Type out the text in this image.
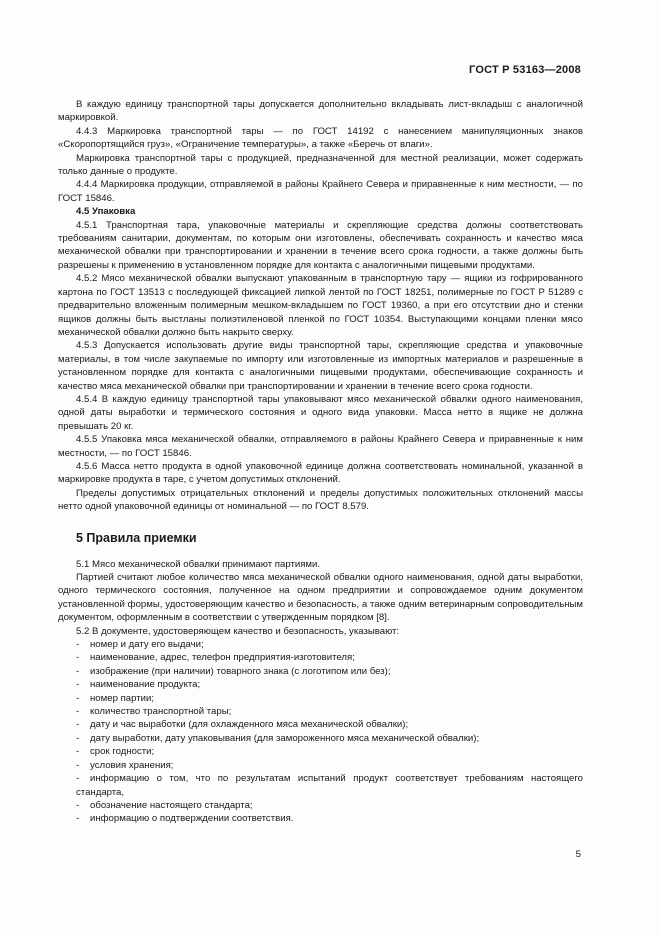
ГОСТ Р 53163—2008

В каждую единицу транспортной тары допускается дополнительно вкладывать лист-вкладыш с аналогичной маркировкой.

4.4.3 Маркировка транспортной тары — по ГОСТ 14192 с нанесением манипуляционных знаков «Скоропортящийся груз», «Ограничение температуры», а также «Беречь от влаги».

Маркировка транспортной тары с продукцией, предназначенной для местной реализации, может содержать только данные о продукте.

4.4.4 Маркировка продукции, отправляемой в районы Крайнего Севера и приравненные к ним местности, — по ГОСТ 15846.

4.5 Упаковка

4.5.1 Транспортная тара, упаковочные материалы и скрепляющие средства должны соответствовать требованиям санитарии, документам, по которым они изготовлены, обеспечивать сохранность и качество мяса механической обвалки при транспортировании и хранении в течение всего срока годности, а также должны быть разрешены к применению в установленном порядке для контакта с аналогичными пищевыми продуктами.

4.5.2 Мясо механической обвалки выпускают упакованным в транспортную тару — ящики из гофрированного картона по ГОСТ 13513 с последующей фиксацией липкой лентой по ГОСТ 18251, полимерные по ГОСТ Р 51289 с предварительно вложенным полимерным мешком-вкладышем по ГОСТ 19360, а при его отсутствии дно и стенки ящиков должны быть выстланы полиэтиленовой пленкой по ГОСТ 10354. Выступающими концами пленки мясо механической обвалки должно быть накрыто сверху.

4.5.3 Допускается использовать другие виды транспортной тары, скрепляющие средства и упаковочные материалы, в том числе закупаемые по импорту или изготовленные из импортных материалов и разрешенные в установленном порядке для контакта с аналогичными пищевыми продуктами, обеспечивающие сохранность и качество мяса механической обвалки при транспортировании и хранении в течение всего срока годности.

4.5.4 В каждую единицу транспортной тары упаковывают мясо механической обвалки одного наименования, одной даты выработки и термического состояния и одного вида упаковки. Масса нетто в ящике не должна превышать 20 кг.

4.5.5 Упаковка мяса механической обвалки, отправляемого в районы Крайнего Севера и приравненные к ним местности, — по ГОСТ 15846.

4.5.6 Масса нетто продукта в одной упаковочной единице должна соответствовать номинальной, указанной в маркировке продукта в таре, с учетом допустимых отклонений.

Пределы допустимых отрицательных отклонений и пределы допустимых положительных отклонений массы нетто одной упаковочной единицы от номинальной — по ГОСТ 8.579.

5 Правила приемки

5.1 Мясо механической обвалки принимают партиями.

Партией считают любое количество мяса механической обвалки одного наименования, одной даты выработки, одного термического состояния, полученное на одном предприятии и сопровождаемое одним документом установленной формы, удостоверяющим качество и безопасность, а также одним ветеринарным сопроводительным документом, оформленным в соответствии с утвержденным порядком [8].

5.2 В документе, удостоверяющем качество и безопасность, указывают:

- номер и дату его выдачи;

- наименование, адрес, телефон предприятия-изготовителя;

- изображение (при наличии) товарного знака (с логотипом или без);

- наименование продукта;

- номер партии;

- количество транспортной тары;

- дату и час выработки (для охлажденного мяса механической обвалки);

- дату выработки, дату упаковывания (для замороженного мяса механической обвалки);

- срок годности;

- условия хранения;

- информацию о том, что по результатам испытаний продукт соответствует требованиям настоящего стандарта,

- обозначение настоящего стандарта;

- информацию о подтверждении соответствия.

5
